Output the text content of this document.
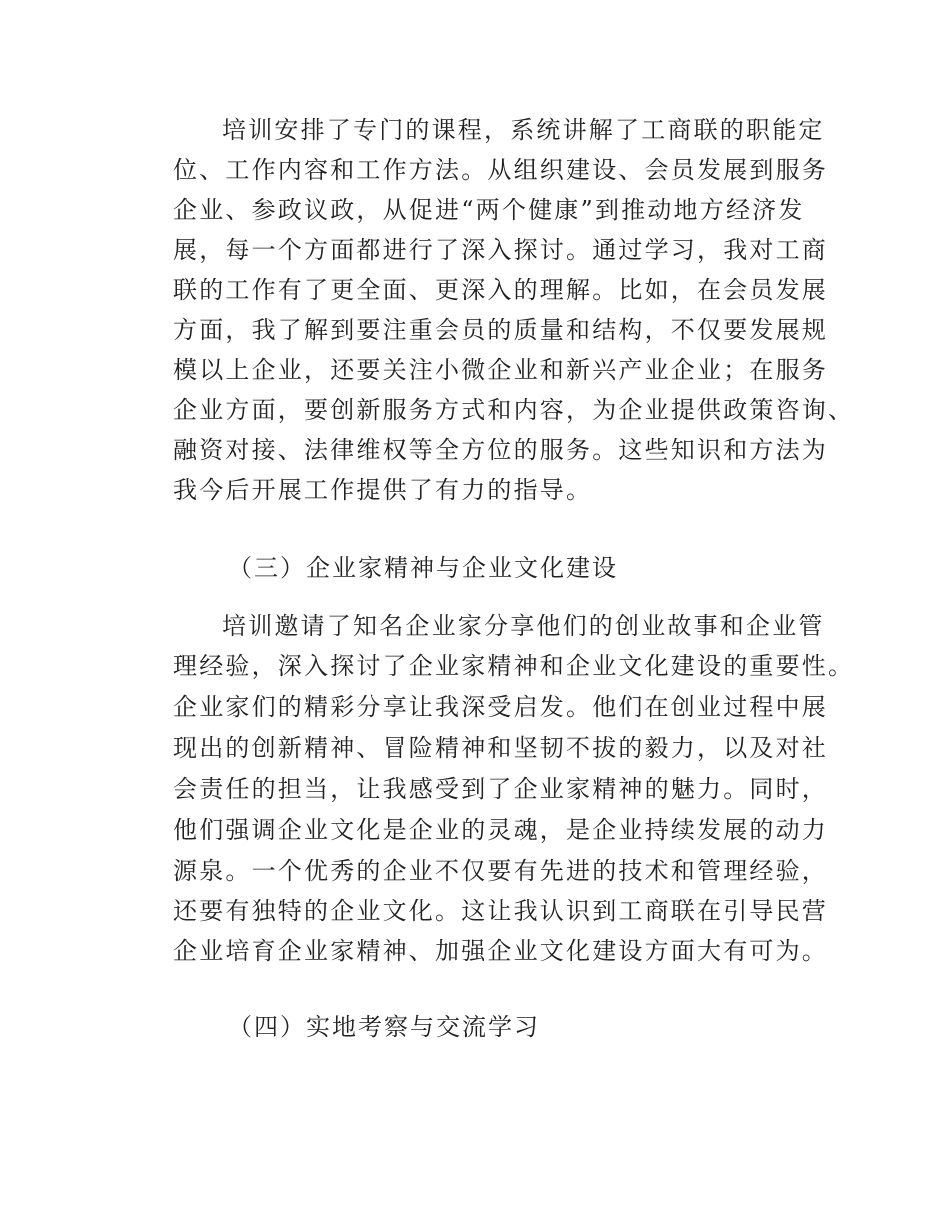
培训安排了专门的课程，系统讲解了工商联的职能定
位、工作内容和工作方法。从组织建设、会员发展到服务
企业、参政议政，从促进“两个健康”到推动地方经济发
展，每一个方面都进行了深入探讨。通过学习，我对工商
联的工作有了更全面、更深入的理解。比如，在会员发展
方面，我了解到要注重会员的质量和结构，不仅要发展规
模以上企业，还要关注小微企业和新兴产业企业；在服务
企业方面，要创新服务方式和内容，为企业提供政策咨询、
融资对接、法律维权等全方位的服务。这些知识和方法为
我今后开展工作提供了有力的指导。
（三）企业家精神与企业文化建设
培训邀请了知名企业家分享他们的创业故事和企业管
理经验，深入探讨了企业家精神和企业文化建设的重要性。
企业家们的精彩分享让我深受启发。他们在创业过程中展
现出的创新精神、冒险精神和坚韧不拔的毅力，以及对社
会责任的担当，让我感受到了企业家精神的魅力。同时，
他们强调企业文化是企业的灵魂，是企业持续发展的动力
源泉。一个优秀的企业不仅要有先进的技术和管理经验，
还要有独特的企业文化。这让我认识到工商联在引导民营
企业培育企业家精神、加强企业文化建设方面大有可为。
（四）实地考察与交流学习
